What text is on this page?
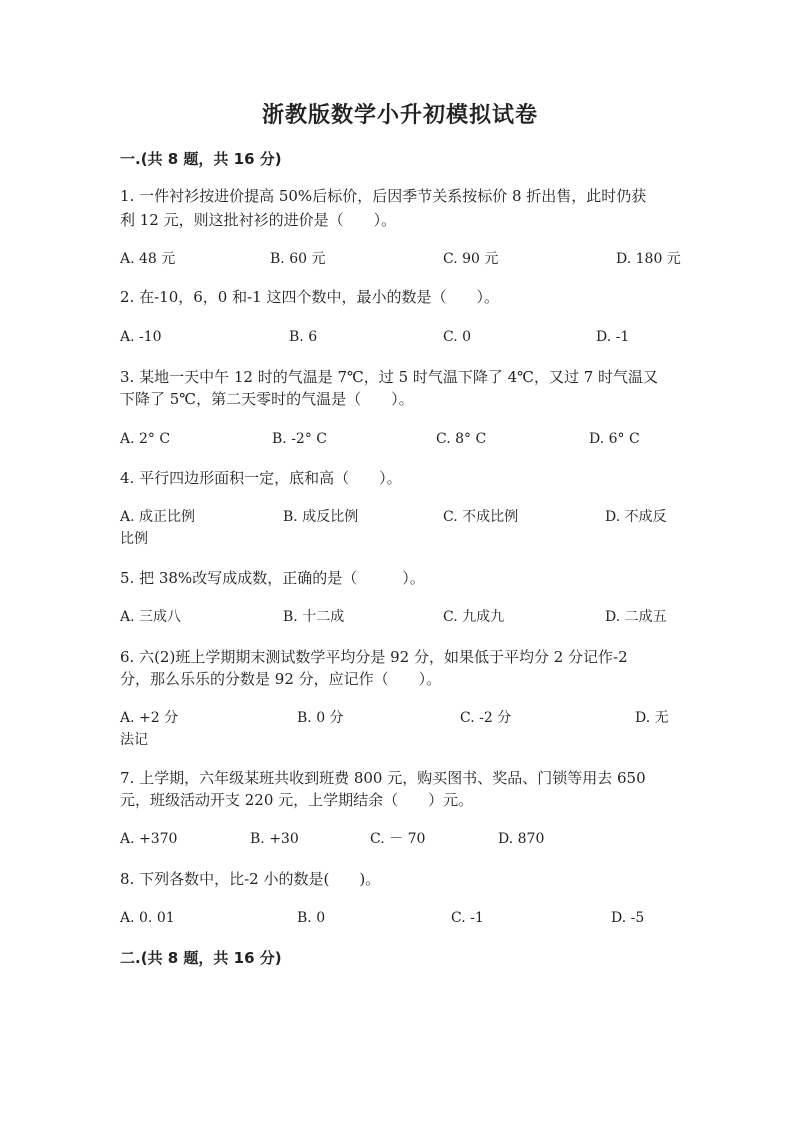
浙教版数学小升初模拟试卷
一.(共 8 题，共 16 分)
1. 一件衬衫按进价提高 50%后标价，后因季节关系按标价 8 折出售，此时仍获
利 12 元，则这批衬衫的进价是（　　）。
A. 48 元	B. 60 元	C. 90 元	D. 180 元
2. 在-10，6，0 和-1 这四个数中，最小的数是（　　）。
A. -10	B. 6	C. 0	D. -1
3. 某地一天中午 12 时的气温是 7℃，过 5 时气温下降了 4℃，又过 7 时气温又
下降了 5℃，第二天零时的气温是（　　）。
A. 2° C	B. -2° C	C. 8° C	D. 6° C
4. 平行四边形面积一定，底和高（　　）。
A. 成正比例	B. 成反比例	C. 不成比例	D. 不成反
比例
5. 把 38%改写成成数，正确的是（　　　）。
A. 三成八	B. 十二成	C. 九成九	D. 二成五
6. 六(2)班上学期期末测试数学平均分是 92 分，如果低于平均分 2 分记作-2
分，那么乐乐的分数是 92 分，应记作（　　）。
A. +2 分	B. 0 分	C. -2 分	D. 无
法记
7. 上学期，六年级某班共收到班费 800 元，购买图书、奖品、门锁等用去 650
元，班级活动开支 220 元，上学期结余（　　）元。
A. +370	B. +30	C. － 70	D. 870
8. 下列各数中，比-2 小的数是(　　)。
A. 0. 01	B. 0	C. -1	D. -5
二.(共 8 题，共 16 分)
